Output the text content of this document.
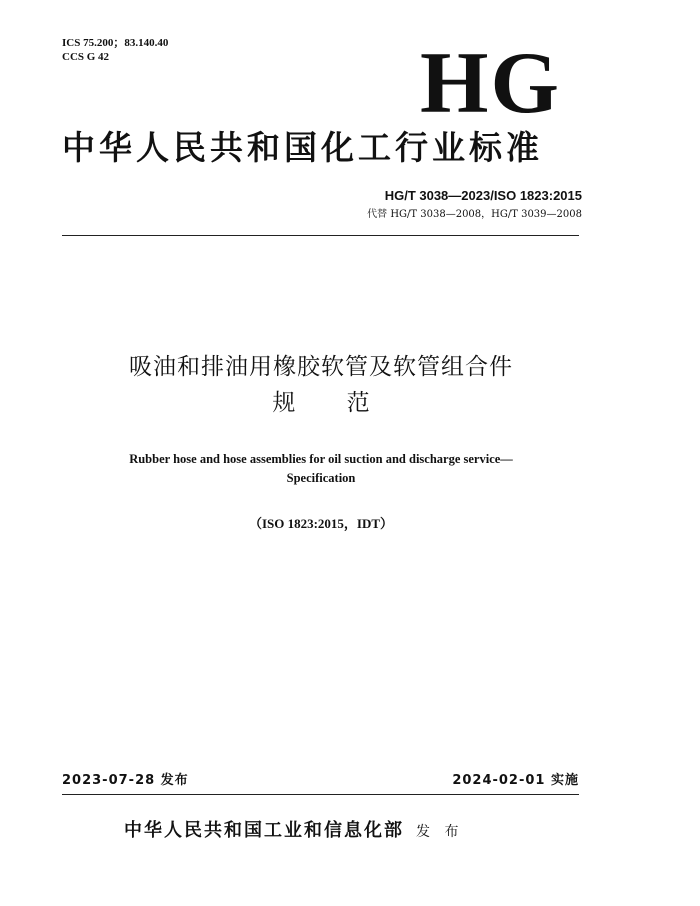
ICS 75.200；83.140.40
CCS G 42	HG
中华人民共和国化工行业标准
HG/T 3038—2023/ISO 1823:2015
代替 HG/T 3038—2008，HG/T 3039—2008
吸油和排油用橡胶软管及软管组合件
规 范
Rubber hose and hose assemblies for oil suction and discharge service—
Specification
（ISO 1823:2015，IDT）
2023-07-28 发布	2024-02-01 实施
中华人民共和国工业和信息化部 发 布
